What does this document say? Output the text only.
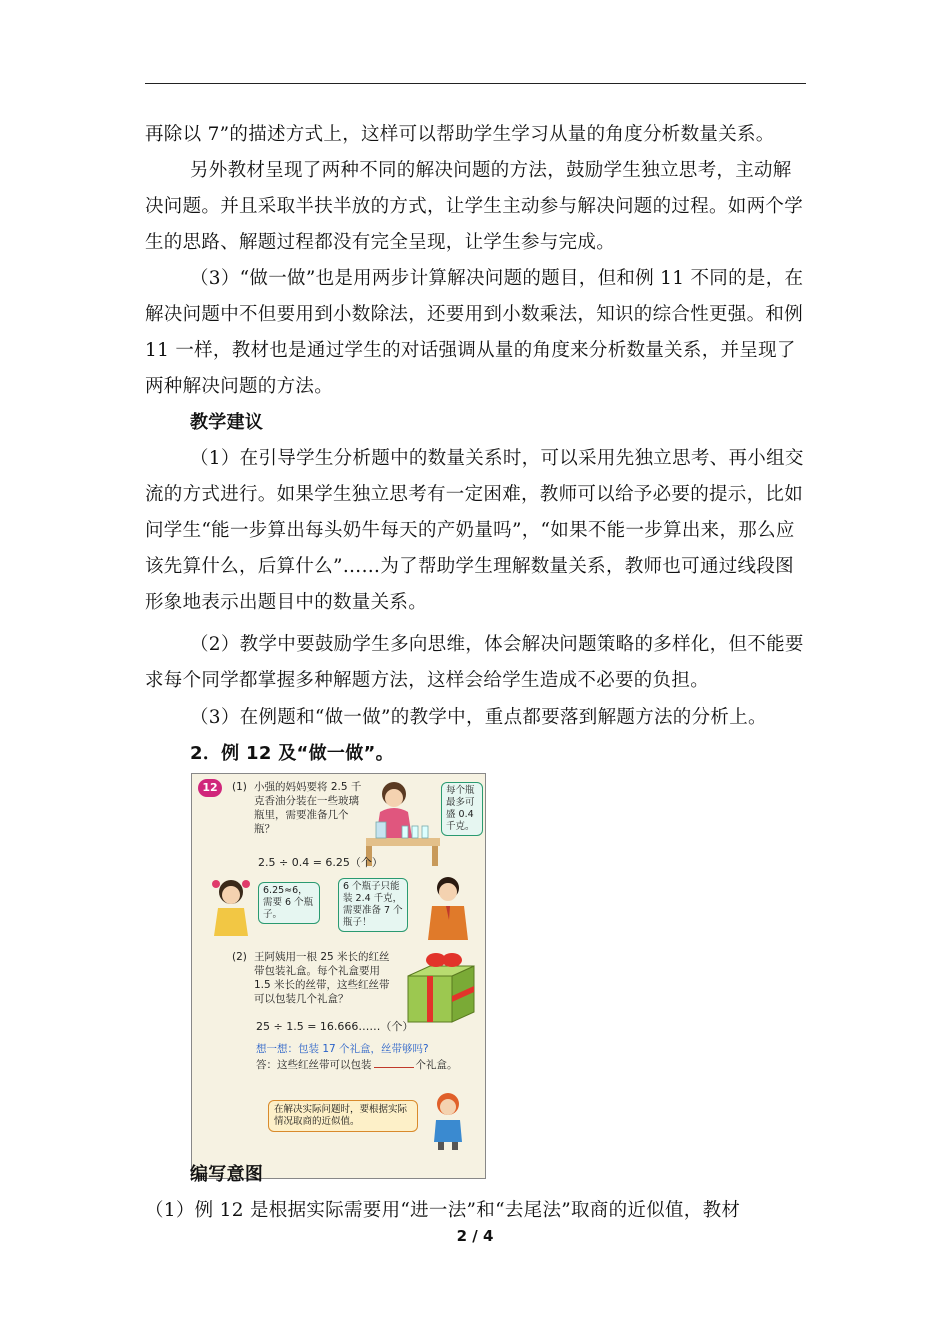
再除以 7”的描述方式上，这样可以帮助学生学习从量的角度分析数量关系。

另外教材呈现了两种不同的解决问题的方法，鼓励学生独立思考，主动解决问题。并且采取半扶半放的方式，让学生主动参与解决问题的过程。如两个学生的思路、解题过程都没有完全呈现，让学生参与完成。

（3）“做一做”也是用两步计算解决问题的题目，但和例 11 不同的是，在解决问题中不但要用到小数除法，还要用到小数乘法，知识的综合性更强。和例 11 一样，教材也是通过学生的对话强调从量的角度来分析数量关系，并呈现了两种解决问题的方法。

教学建议

（1）在引导学生分析题中的数量关系时，可以采用先独立思考、再小组交流的方式进行。如果学生独立思考有一定困难，教师可以给予必要的提示，比如问学生“能一步算出每头奶牛每天的产奶量吗”，“如果不能一步算出来，那么应该先算什么，后算什么”……为了帮助学生理解数量关系，教师也可通过线段图形象地表示出题目中的数量关系。

（2）教学中要鼓励学生多向思维，体会解决问题策略的多样化，但不能要求每个同学都掌握多种解题方法，这样会给学生造成不必要的负担。

（3）在例题和“做一做”的教学中，重点都要落到解题方法的分析上。

2．例 12 及“做一做”。

12	(1) 小强的妈妈要将 2.5 千克香油分装在一些玻璃瓶里，需要准备几个瓶？
每个瓶最多可盛 0.4 千克。
2.5 ÷ 0.4 = 6.25（个）
6.25≈6，需要 6 个瓶子。
6 个瓶子只能装 2.4 千克，需要准备 7 个瓶子！
(2) 王阿姨用一根 25 米长的红丝带包装礼盒。每个礼盒要用 1.5 米长的丝带，这些红丝带可以包装几个礼盒？
25 ÷ 1.5 = 16.666……（个）
想一想：包装 17 个礼盒，丝带够吗?
答：这些红丝带可以包装	个礼盒。
在解决实际问题时，要根据实际情况取商的近似值。

编写意图

（1）例 12 是根据实际需要用“进一法”和“去尾法”取商的近似值，教材

2 / 4
